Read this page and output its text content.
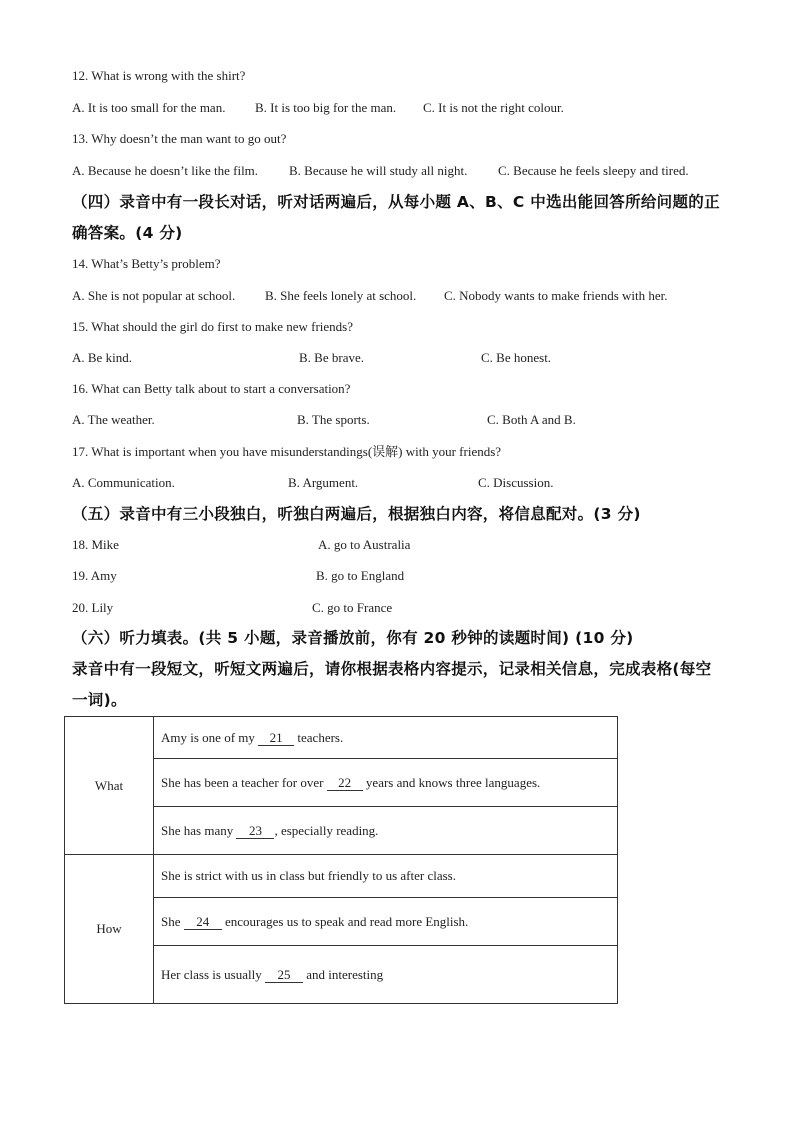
12. What is wrong with the shirt?
A. It is too small for the man. B. It is too big for the man. C. It is not the right colour.
13. Why doesn’t the man want to go out?
A. Because he doesn’t like the film. B. Because he will study all night. C. Because he feels sleepy and tired.
（四）录音中有一段长对话，听对话两遍后，从每小题 A、B、C 中选出能回答所给问题的正
确答案。(4 分)
14. What’s Betty’s problem?
A. She is not popular at school. B. She feels lonely at school. C. Nobody wants to make friends with her.
15. What should the girl do first to make new friends?
A. Be kind.	B. Be brave.	C. Be honest.
16. What can Betty talk about to start a conversation?
A. The weather.	B. The sports.	C. Both A and B.
17. What is important when you have misunderstandings(误解) with your friends?
A. Communication.	B. Argument.	C. Discussion.
（五）录音中有三小段独白，听独白两遍后，根据独白内容，将信息配对。(3 分)
18. Mike	A. go to Australia
19. Amy	B. go to England
20. Lily	C. go to France
（六）听力填表。(共 5 小题，录音播放前，你有 20 秒钟的读题时间) (10 分)
录音中有一段短文，听短文两遍后，请你根据表格内容提示，记录相关信息，完成表格(每空
一词)。
What	Amy is one of my 21 teachers.
	She has been a teacher for over 22 years and knows three languages.
	She has many 23 , especially reading.
How	She is strict with us in class but friendly to us after class.
	She 24 encourages us to speak and read more English.
	Her class is usually 25 and interesting
